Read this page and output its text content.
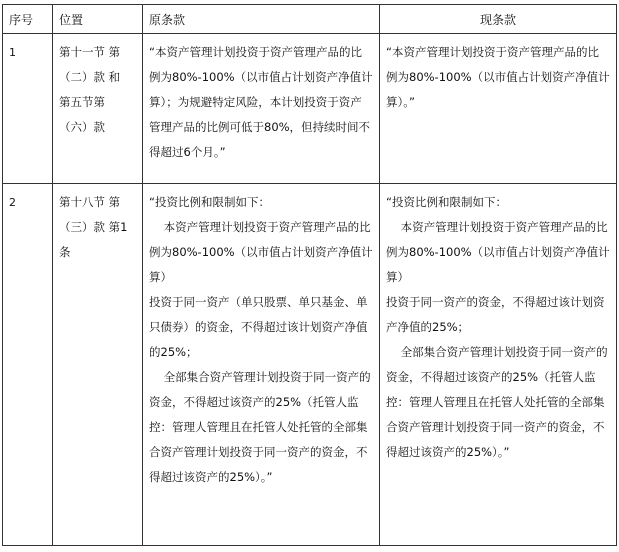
序号	位置	原条款	现条款
1	第十一节 第
（二）款 和
第五节第
（六）款	“本资产管理计划投资于资产管理产品的比例为80%-100%（以市值占计划资产净值计算）；为规避特定风险，本计划投资于资产管理产品的比例可低于80%，但持续时间不得超过6个月。”	“本资产管理计划投资于资产管理产品的比例为80%-100%（以市值占计划资产净值计算）。”
2	第十八节 第
（三）款 第1
条	“投资比例和限制如下：
本资产管理计划投资于资产管理产品的比例为80%-100%（以市值占计划资产净值计算）
投资于同一资产（单只股票、单只基金、单只债券）的资金，不得超过该计划资产净值的25%；
全部集合资产管理计划投资于同一资产的资金，不得超过该资产的25%（托管人监控：管理人管理且在托管人处托管的全部集合资产管理计划投资于同一资产的资金，不得超过该资产的25%）。”	“投资比例和限制如下：
本资产管理计划投资于资产管理产品的比例为80%-100%（以市值占计划资产净值计算）
投资于同一资产的资金，不得超过该计划资产净值的25%；
全部集合资产管理计划投资于同一资产的资金，不得超过该资产的25%（托管人监控：管理人管理且在托管人处托管的全部集合资产管理计划投资于同一资产的资金，不得超过该资产的25%）。”
